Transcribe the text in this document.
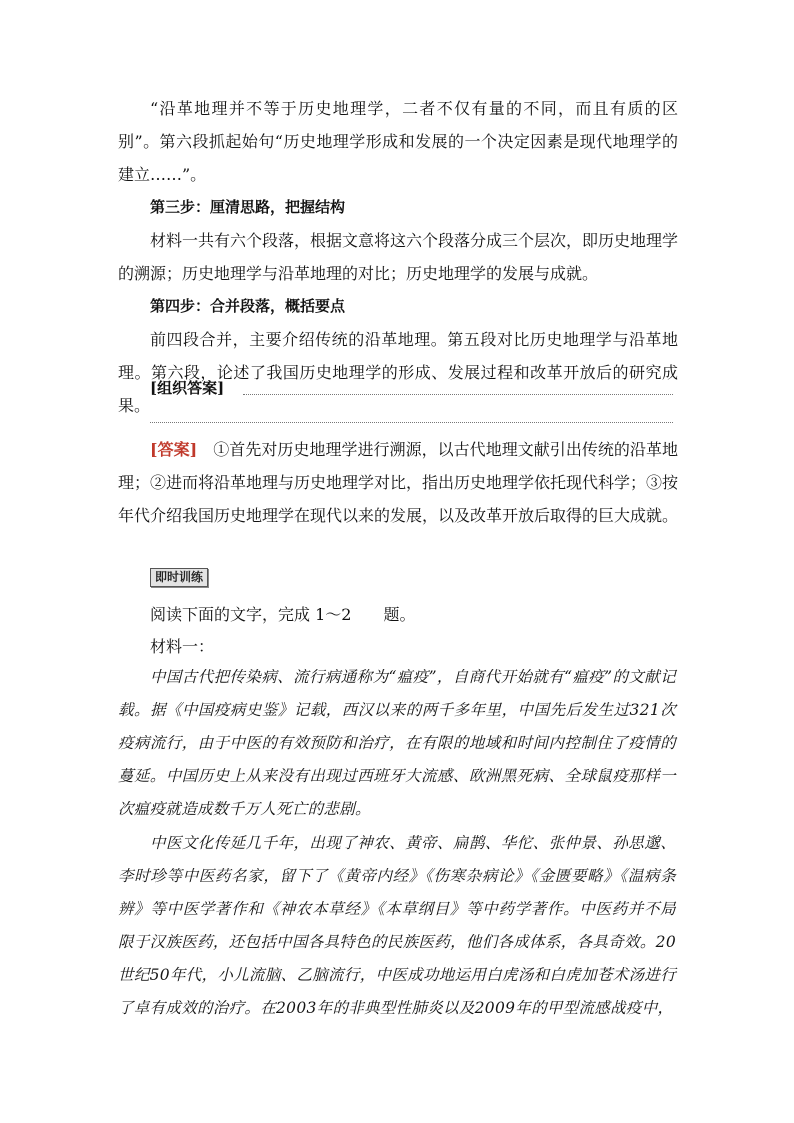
“沿革地理并不等于历史地理学，二者不仅有量的不同，而且有质的区别”。第六段抓起始句“历史地理学形成和发展的一个决定因素是现代地理学的建立……”。

第三步：厘清思路，把握结构

材料一共有六个段落，根据文意将这六个段落分成三个层次，即历史地理学的溯源；历史地理学与沿革地理的对比；历史地理学的发展与成就。

第四步：合并段落，概括要点

前四段合并，主要介绍传统的沿革地理。第五段对比历史地理学与沿革地理。第六段，论述了我国历史地理学的形成、发展过程和改革开放后的研究成果。

[组织答案]

[答案]　 ①首先对历史地理学进行溯源，以古代地理文献引出传统的沿革地理；②进而将沿革地理与历史地理学对比，指出历史地理学依托现代科学；③按年代介绍我国历史地理学在现代以来的发展，以及改革开放后取得的巨大成就。

即时训练

阅读下面的文字，完成 1～2　　题。

材料一：

中国古代把传染病、流行病通称为“瘟疫”，自商代开始就有“瘟疫”的文献记载。据《中国疫病史鉴》记载，西汉以来的两千多年里，中国先后发生过321次疫病流行，由于中医的有效预防和治疗，在有限的地域和时间内控制住了疫情的蔓延。中国历史上从来没有出现过西班牙大流感、欧洲黑死病、全球鼠疫那样一次瘟疫就造成数千万人死亡的悲剧。

中医文化传延几千年，出现了神农、黄帝、扁鹊、华佗、张仲景、孙思邈、李时珍等中医药名家，留下了《黄帝内经》《伤寒杂病论》《金匮要略》《温病条辨》等中医学著作和《神农本草经》《本草纲目》等中药学著作。中医药并不局限于汉族医药，还包括中国各具特色的民族医药，他们各成体系，各具奇效。20世纪50年代，小儿流脑、乙脑流行，中医成功地运用白虎汤和白虎加苍术汤进行了卓有成效的治疗。在2003年的非典型性肺炎以及2009年的甲型流感战疫中，
